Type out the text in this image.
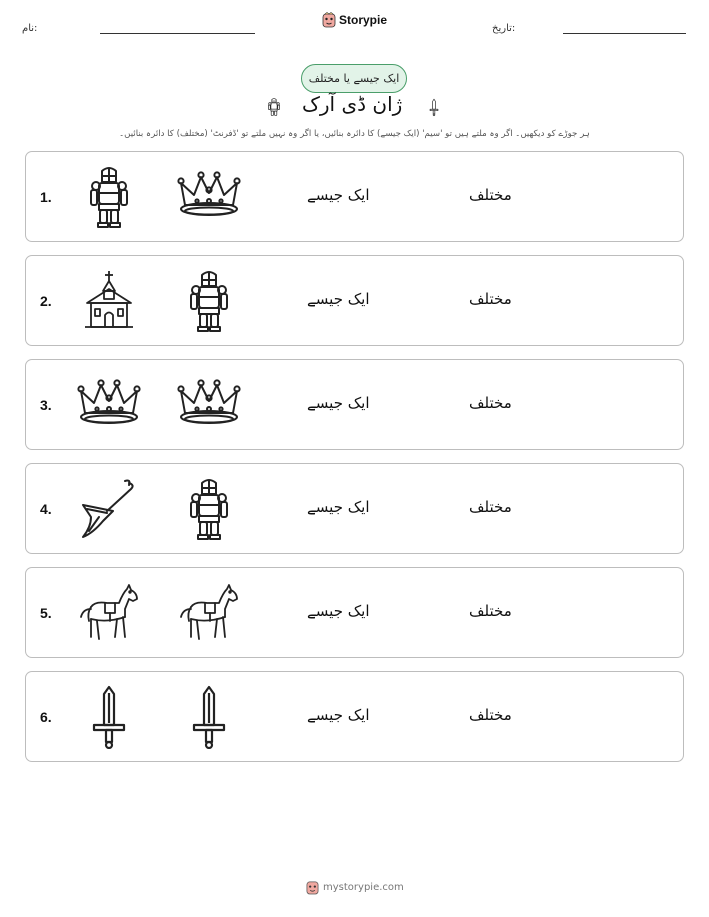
نام:
Storypie
تاریخ:
ایک جیسے یا مختلف
ژان ڈی آرک
ہر جوڑے کو دیکھیں۔ اگر وہ ملتے ہیں تو 'سیم' (ایک جیسے) کا دائرہ بنائیں، یا اگر وہ نہیں ملتے تو 'ڈفرنٹ' (مختلف) کا دائرہ بنائیں۔
1.	ایک جیسے	مختلف
2.	ایک جیسے	مختلف
3.	ایک جیسے	مختلف
4.	ایک جیسے	مختلف
5.	ایک جیسے	مختلف
6.	ایک جیسے	مختلف
mystorypie.com
